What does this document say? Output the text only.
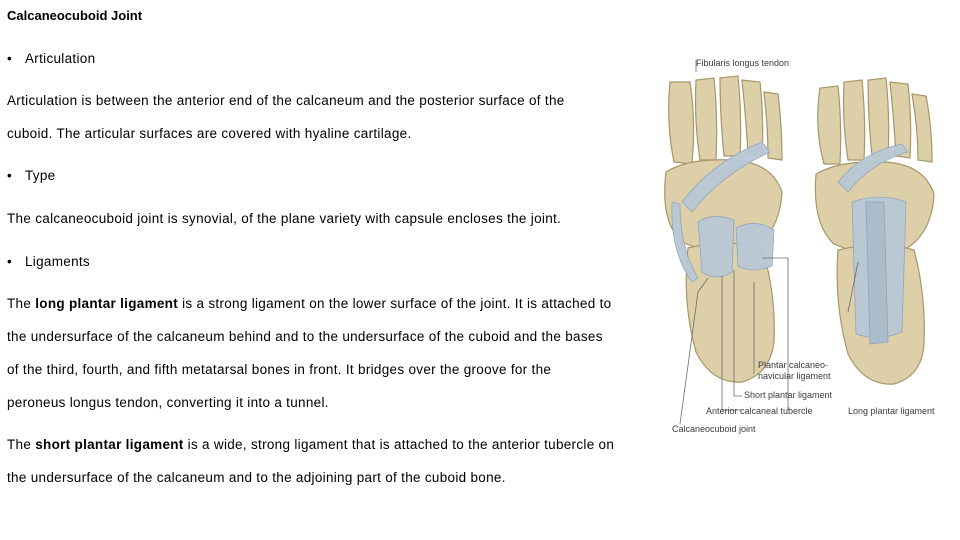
Calcaneocuboid Joint
• Articulation
Articulation is between the anterior end of the calcaneum and the posterior surface of the
cuboid. The articular surfaces are covered with hyaline cartilage.
• Type
The calcaneocuboid joint is synovial, of the plane variety with capsule encloses the joint.
• Ligaments
The long plantar ligament is a strong ligament on the lower surface of the joint. It is attached to
the undersurface of the calcaneum behind and to the undersurface of the cuboid and the bases
of the third, fourth, and fifth metatarsal bones in front. It bridges over the groove for the
peroneus longus tendon, converting it into a tunnel.
The short plantar ligament is a wide, strong ligament that is attached to the anterior tubercle on
the undersurface of the calcaneum and to the adjoining part of the cuboid bone.
Fibularis longus tendon
Plantar calcaneo-
navicular ligament
Short plantar ligament
Anterior calcaneal tubercle	Long plantar ligament
Calcaneocuboid joint
